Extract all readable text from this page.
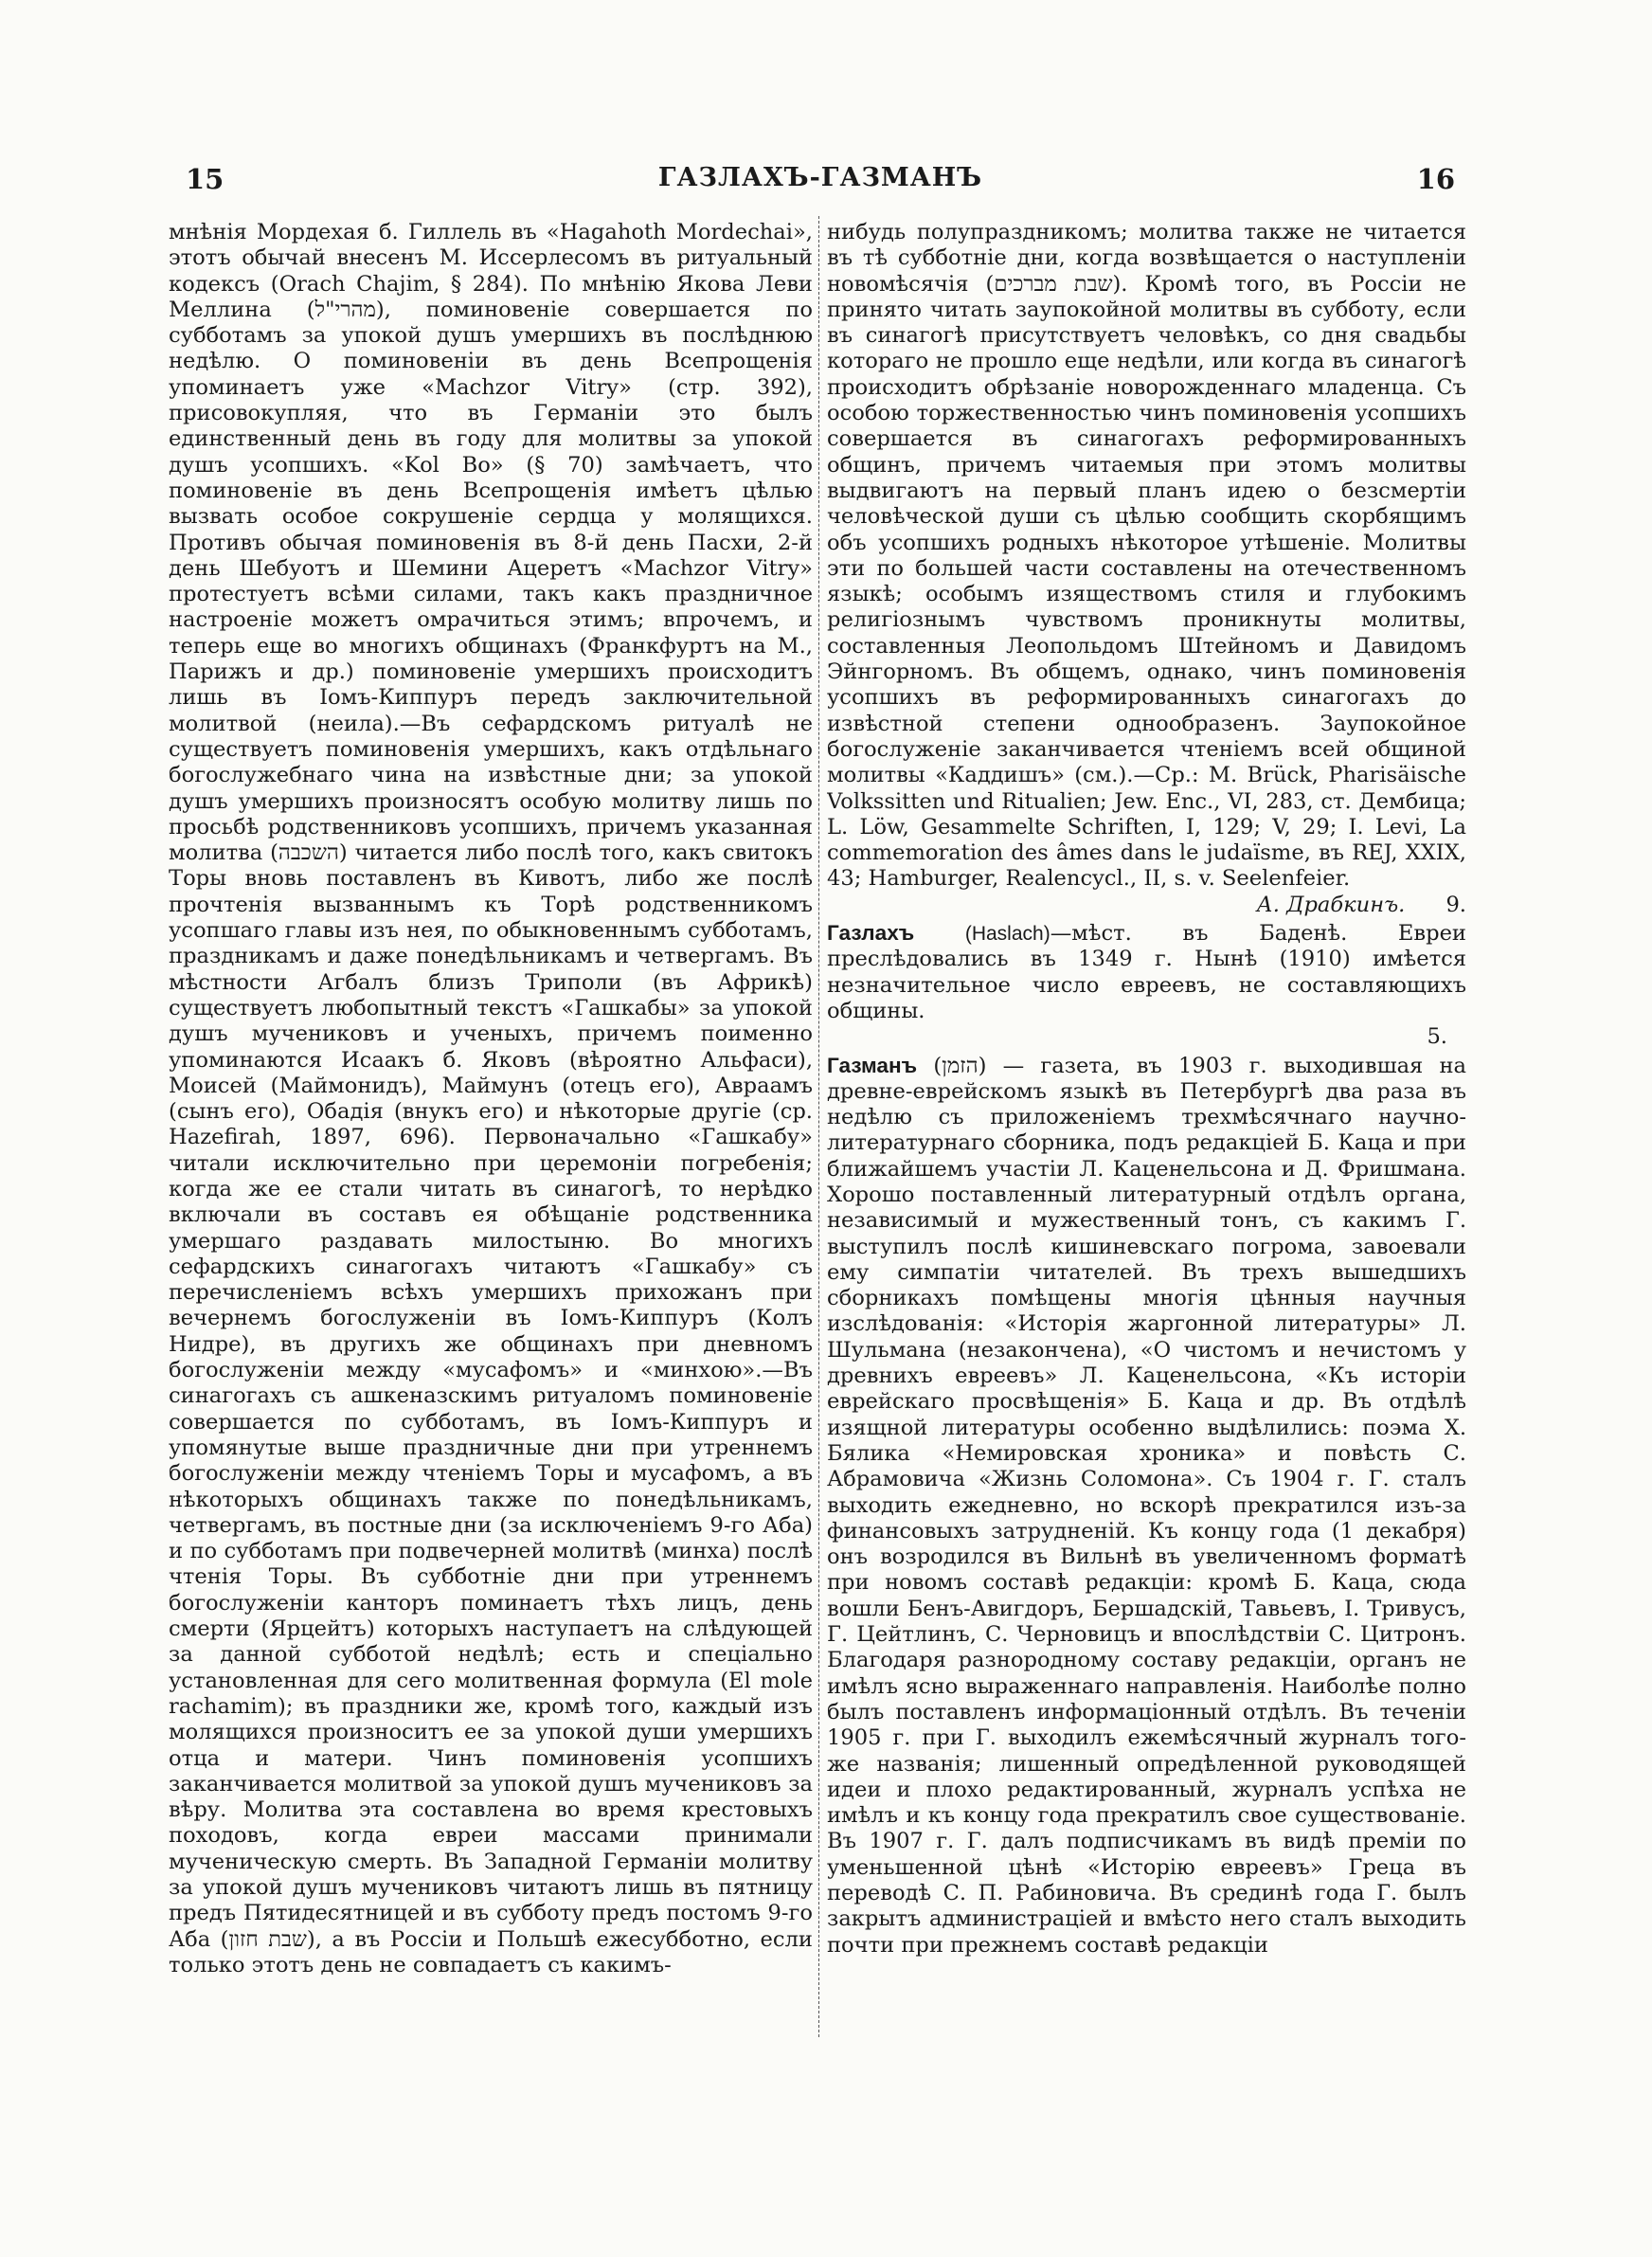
15	ГАЗЛАХЪ-ГАЗМАНЪ	16

мнѣнія Мордехая б. Гиллель въ «Hagahoth Mordechai», этотъ обычай внесенъ М. Иссерлесомъ въ ритуальный кодексъ (Orach Chajim, § 284). По мнѣнію Якова Леви Меллина (מהרי"ל), поминовеніе совершается по субботамъ за упокой душъ умершихъ въ послѣднюю недѣлю. О поминовеніи въ день Всепрощенія упоминаетъ уже «Machzor Vitry» (стр. 392), присовокупляя, что въ Германіи это былъ единственный день въ году для молитвы за упокой душъ усопшихъ. «Kol Bo» (§ 70) замѣчаетъ, что поминовеніе въ день Всепрощенія имѣетъ цѣлью вызвать особое сокрушеніе сердца у молящихся. Противъ обычая поминовенія въ 8-й день Пасхи, 2-й день Шебуотъ и Шемини Ацеретъ «Machzor Vitry» протестуетъ всѣми силами, такъ какъ праздничное настроеніе можетъ омрачиться этимъ; впрочемъ, и теперь еще во многихъ общинахъ (Франкфуртъ на М., Парижъ и др.) поминовеніе умершихъ происходитъ лишь въ Іомъ-Киппуръ передъ заключительной молитвой (неила).—Въ сефардскомъ ритуалѣ не существуетъ поминовенія умершихъ, какъ отдѣльнаго богослужебнаго чина на извѣстные дни; за упокой душъ умершихъ произносятъ особую молитву лишь по просьбѣ родственниковъ усопшихъ, причемъ указанная молитва (השכבה) читается либо послѣ того, какъ свитокъ Торы вновь поставленъ въ Кивотъ, либо же послѣ прочтенія вызваннымъ къ Торѣ родственникомъ усопшаго главы изъ нея, по обыкновеннымъ субботамъ, праздникамъ и даже понедѣльникамъ и четвергамъ. Въ мѣстности Агбалъ близъ Триполи (въ Африкѣ) существуетъ любопытный текстъ «Гашкабы» за упокой душъ мучениковъ и ученыхъ, причемъ поименно упоминаются Исаакъ б. Яковъ (вѣроятно Альфаси), Моисей (Маймонидъ), Маймунъ (отецъ его), Авраамъ (сынъ его), Обадія (внукъ его) и нѣкоторые другіе (ср. Hazefirah, 1897, 696). Первоначально «Гашкабу» читали исключительно при церемоніи погребенія; когда же ее стали читать въ синагогѣ, то нерѣдко включали въ составъ ея обѣщаніе родственника умершаго раздавать милостыню. Во многихъ сефардскихъ синагогахъ читаютъ «Гашкабу» съ перечисленіемъ всѣхъ умершихъ прихожанъ при вечернемъ богослуженіи въ Іомъ-Киппуръ (Колъ Нидре), въ другихъ же общинахъ при дневномъ богослуженіи между «мусафомъ» и «минхою».—Въ синагогахъ съ ашкеназскимъ ритуаломъ поминовеніе совершается по субботамъ, въ Іомъ-Киппуръ и упомянутые выше праздничные дни при утреннемъ богослуженіи между чтеніемъ Торы и мусафомъ, а въ нѣкоторыхъ общинахъ также по понедѣльникамъ, четвергамъ, въ постные дни (за исключеніемъ 9-го Аба) и по субботамъ при подвечерней молитвѣ (минха) послѣ чтенія Торы. Въ субботніе дни при утреннемъ богослуженіи канторъ поминаетъ тѣхъ лицъ, день смерти (Ярцейтъ) которыхъ наступаетъ на слѣдующей за данной субботой недѣлѣ; есть и спеціально установленная для сего молитвенная формула (El mole rachamim); въ праздники же, кромѣ того, каждый изъ молящихся произноситъ ее за упокой души умершихъ отца и матери. Чинъ поминовенія усопшихъ заканчивается молитвой за упокой душъ мучениковъ за вѣру. Молитва эта составлена во время крестовыхъ походовъ, когда евреи массами принимали мученическую смерть. Въ Западной Германіи молитву за упокой душъ мучениковъ читаютъ лишь въ пятницу предъ Пятидесятницей и въ субботу предъ постомъ 9-го Аба (שבת חזון), а въ Россіи и Польшѣ ежесубботно, если только этотъ день не совпадаетъ съ какимъ-

нибудь полупраздникомъ; молитва также не читается въ тѣ субботніе дни, когда возвѣщается о наступленіи новомѣсячія (שבת מברכים). Кромѣ того, въ Россіи не принято читать заупокойной молитвы въ субботу, если въ синагогѣ присутствуетъ человѣкъ, со дня свадьбы котораго не прошло еще недѣли, или когда въ синагогѣ происходитъ обрѣзаніе новорожденнаго младенца. Съ особою торжественностью чинъ поминовенія усопшихъ совершается въ синагогахъ реформированныхъ общинъ, причемъ читаемыя при этомъ молитвы выдвигаютъ на первый планъ идею о безсмертіи человѣческой души съ цѣлью сообщить скорбящимъ объ усопшихъ родныхъ нѣкоторое утѣшеніе. Молитвы эти по большей части составлены на отечественномъ языкѣ; особымъ изяществомъ стиля и глубокимъ религіознымъ чувствомъ проникнуты молитвы, составленныя Леопольдомъ Штейномъ и Давидомъ Эйнгорномъ. Въ общемъ, однако, чинъ поминовенія усопшихъ въ реформированныхъ синагогахъ до извѣстной степени однообразенъ. Заупокойное богослуженіе заканчивается чтеніемъ всей общиной молитвы «Каддишъ» (см.).—Ср.: M. Brück, Pharisäische Volkssitten und Ritualien; Jew. Enc., VI, 283, ст. Дембица; L. Löw, Gesammelte Schriften, I, 129; V, 29; I. Levi, La commemoration des âmes dans le judaïsme, въ REJ, XXIX, 43; Hamburger, Realencycl., II, s. v. Seelenfeier.

А. Драбкинъ. 9.

Газлахъ	(Haslach)—мѣст. въ Баденѣ. Евреи преслѣдовались въ 1349 г. Нынѣ (1910) имѣется незначительное число евреевъ, не составляющихъ общины.

5.

Газманъ (הזמן) — газета, въ 1903 г. выходившая на древне-еврейскомъ языкѣ въ Петербургѣ два раза въ недѣлю съ приложеніемъ трехмѣсячнаго научно-литературнаго сборника, подъ редакціей Б. Каца и при ближайшемъ участіи Л. Каценельсона и Д. Фришмана. Хорошо поставленный литературный отдѣлъ органа, независимый и мужественный тонъ, съ какимъ Г. выступилъ послѣ кишиневскаго погрома, завоевали ему симпатіи читателей. Въ трехъ вышедшихъ сборникахъ помѣщены многія цѣнныя научныя изслѣдованія: «Исторія жаргонной литературы» Л. Шульмана (незакончена), «О чистомъ и нечистомъ у древнихъ евреевъ» Л. Каценельсона, «Къ исторіи еврейскаго просвѣщенія» Б. Каца и др. Въ отдѣлѣ изящной литературы особенно выдѣлились: поэма Х. Бялика «Немировская хроника» и повѣсть С. Абрамовича «Жизнь Соломона». Съ 1904 г. Г. сталъ выходить ежедневно, но вскорѣ прекратился изъ-за финансовыхъ затрудненій. Къ концу года (1 декабря) онъ возродился въ Вильнѣ въ увеличенномъ форматѣ при новомъ составѣ редакціи: кромѣ Б. Каца, сюда вошли Бенъ-Авигдоръ, Бершадскій, Тавьевъ, І. Тривусъ, Г. Цейтлинъ, С. Черновицъ и впослѣдствіи С. Цитронъ. Благодаря разнородному составу редакціи, органъ не имѣлъ ясно выраженнаго направленія. Наиболѣе полно былъ поставленъ информаціонный отдѣлъ. Въ теченіи 1905 г. при Г. выходилъ ежемѣсячный журналъ того-же названія; лишенный опредѣленной руководящей идеи и плохо редактированный, журналъ успѣха не имѣлъ и къ концу года прекратилъ свое существованіе. Въ 1907 г. Г. далъ подписчикамъ въ видѣ преміи по уменьшенной цѣнѣ «Исторію евреевъ» Греца въ переводѣ С. П. Рабиновича. Въ срединѣ года Г. былъ закрытъ администраціей и вмѣсто него сталъ выходить почти при прежнемъ составѣ редакціи
